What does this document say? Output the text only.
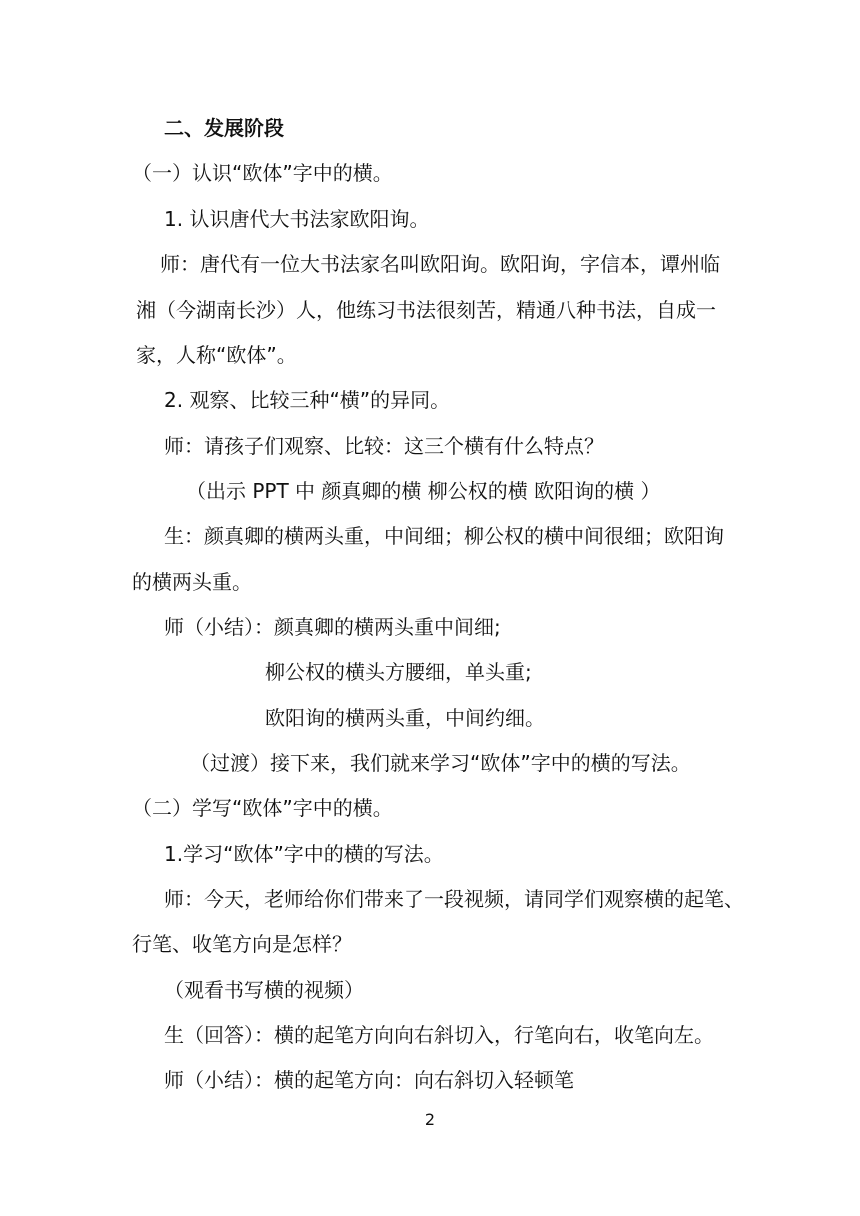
二、发展阶段
（一）认识“欧体”字中的横。
1. 认识唐代大书法家欧阳询。
师：唐代有一位大书法家名叫欧阳询。欧阳询，字信本，谭州临
湘（今湖南长沙）人，他练习书法很刻苦，精通八种书法，自成一
家，人称“欧体”。
2. 观察、比较三种“横”的异同。
师：请孩子们观察、比较：这三个横有什么特点？
（出示 PPT 中 颜真卿的横 柳公权的横 欧阳询的横 ）
生：颜真卿的横两头重，中间细；柳公权的横中间很细；欧阳询
的横两头重。
师（小结）：颜真卿的横两头重中间细;
柳公权的横头方腰细，单头重;
欧阳询的横两头重，中间约细。
（过渡）接下来，我们就来学习“欧体”字中的横的写法。
（二）学写“欧体”字中的横。
1.学习“欧体”字中的横的写法。
师：今天，老师给你们带来了一段视频，请同学们观察横的起笔、
行笔、收笔方向是怎样？
（观看书写横的视频）
生（回答）：横的起笔方向向右斜切入，行笔向右，收笔向左。
师（小结）：横的起笔方向：向右斜切入轻顿笔
2
